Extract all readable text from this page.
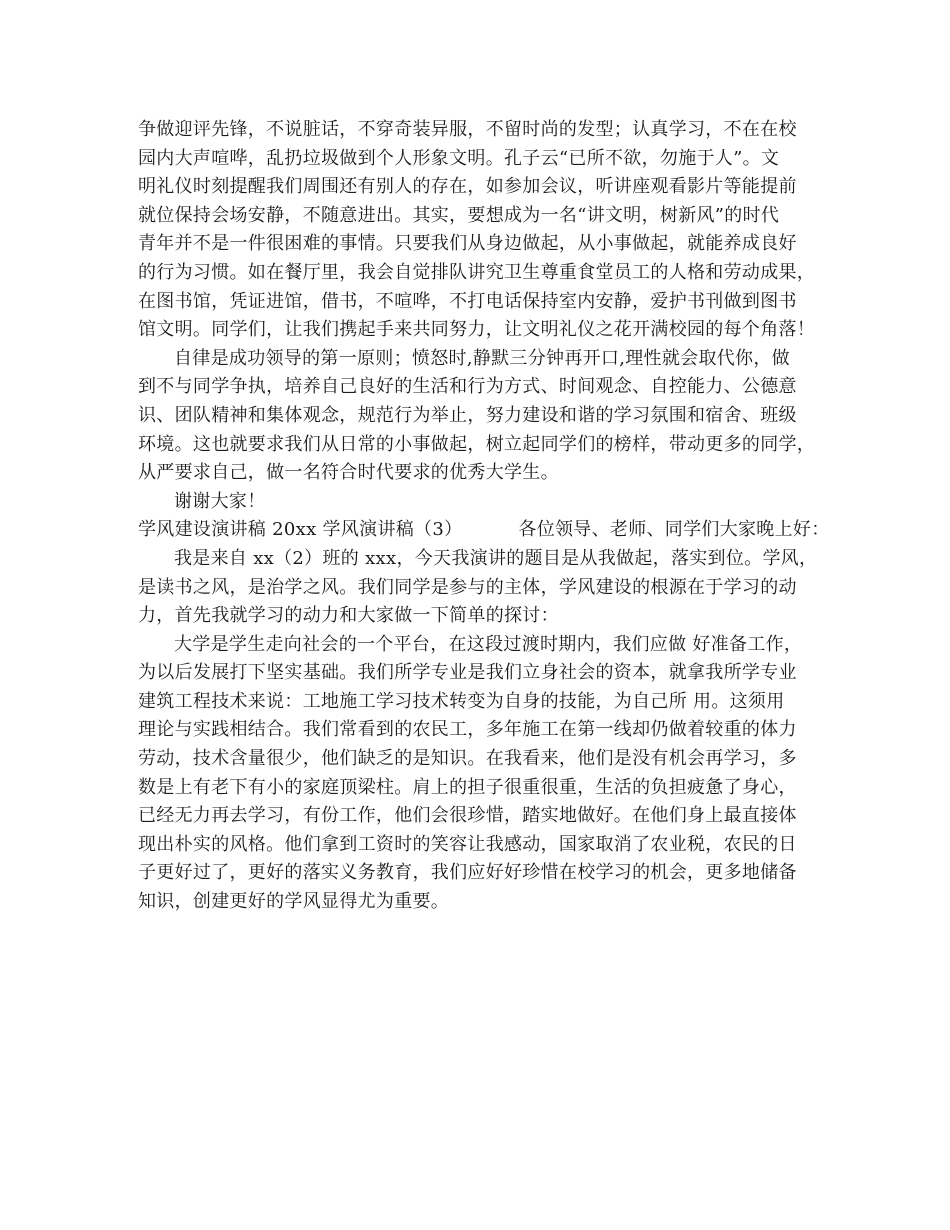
争做迎评先锋，不说脏话，不穿奇装异服，不留时尚的发型；认真学习，不在在校
园内大声喧哗，乱扔垃圾做到个人形象文明。孔子云“已所不欲，勿施于人”。文
明礼仪时刻提醒我们周围还有别人的存在，如参加会议，听讲座观看影片等能提前
就位保持会场安静，不随意进出。其实，要想成为一名“讲文明，树新风”的时代
青年并不是一件很困难的事情。只要我们从身边做起，从小事做起，就能养成良好
的行为习惯。如在餐厅里，我会自觉排队讲究卫生尊重食堂员工的人格和劳动成果，
在图书馆，凭证进馆，借书，不喧哗，不打电话保持室内安静，爱护书刊做到图书
馆文明。同学们，让我们携起手来共同努力，让文明礼仪之花开满校园的每个角落！
自律是成功领导的第一原则；愤怒时,静默三分钟再开口,理性就会取代你，做
到不与同学争执，培养自己良好的生活和行为方式、时间观念、自控能力、公德意
识、团队精神和集体观念，规范行为举止，努力建设和谐的学习氛围和宿舍、班级
环境。这也就要求我们从日常的小事做起，树立起同学们的榜样，带动更多的同学，
从严要求自己，做一名符合时代要求的优秀大学生。
谢谢大家！
学风建设演讲稿 20xx 学风演讲稿（3）	各位领导、老师、同学们大家晚上好：
我是来自 xx（2）班的 xxx，今天我演讲的题目是从我做起，落实到位。学风，
是读书之风，是治学之风。我们同学是参与的主体，学风建设的根源在于学习的动
力，首先我就学习的动力和大家做一下简单的探讨：
大学是学生走向社会的一个平台，在这段过渡时期内，我们应做 好准备工作，
为以后发展打下坚实基础。我们所学专业是我们立身社会的资本，就拿我所学专业
建筑工程技术来说：工地施工学习技术转变为自身的技能，为自己所 用。这须用
理论与实践相结合。我们常看到的农民工，多年施工在第一线却仍做着较重的体力
劳动，技术含量很少，他们缺乏的是知识。在我看来，他们是没有机会再学习，多
数是上有老下有小的家庭顶梁柱。肩上的担子很重很重，生活的负担疲惫了身心，
已经无力再去学习，有份工作，他们会很珍惜，踏实地做好。在他们身上最直接体
现出朴实的风格。他们拿到工资时的笑容让我感动，国家取消了农业税，农民的日
子更好过了，更好的落实义务教育，我们应好好珍惜在校学习的机会，更多地储备
知识，创建更好的学风显得尤为重要。
